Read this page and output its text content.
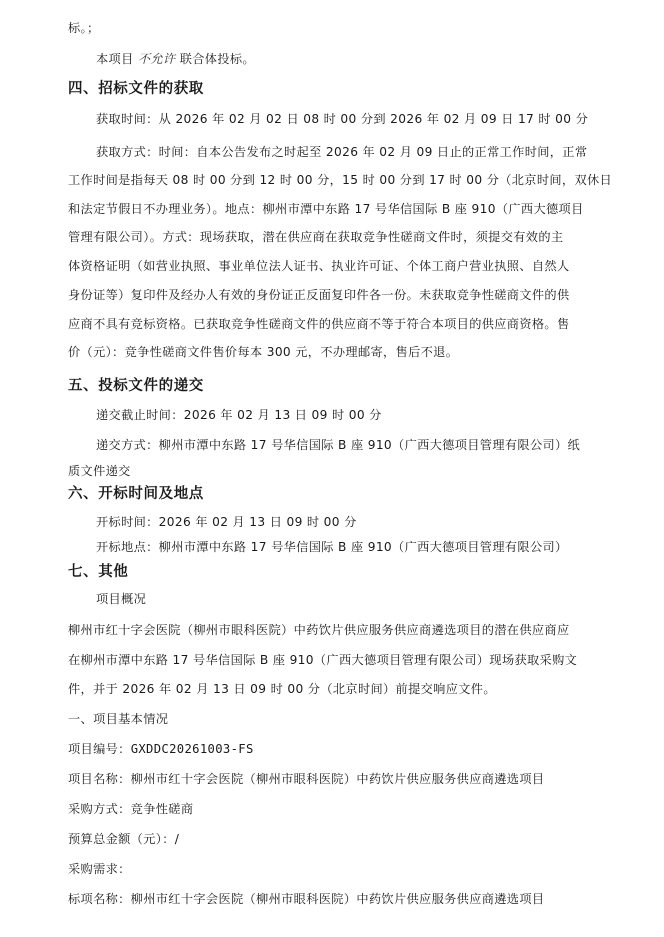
标。；
本项目 不允许 联合体投标。
四、招标文件的获取
获取时间：从 2026 年 02 月 02 日 08 时 00 分到 2026 年 02 月 09 日 17 时 00 分
获取方式：时间：自本公告发布之时起至 2026 年 02 月 09 日止的正常工作时间，正常
工作时间是指每天 08 时 00 分到 12 时 00 分，15 时 00 分到 17 时 00 分（北京时间，双休日
和法定节假日不办理业务）。地点：柳州市潭中东路 17 号华信国际 B 座 910（广西大德项目
管理有限公司）。方式：现场获取，潜在供应商在获取竞争性磋商文件时，须提交有效的主
体资格证明（如营业执照、事业单位法人证书、执业许可证、个体工商户营业执照、自然人
身份证等）复印件及经办人有效的身份证正反面复印件各一份。未获取竞争性磋商文件的供
应商不具有竞标资格。已获取竞争性磋商文件的供应商不等于符合本项目的供应商资格。售
价（元）：竞争性磋商文件售价每本 300 元，不办理邮寄，售后不退。
五、投标文件的递交
递交截止时间：2026 年 02 月 13 日 09 时 00 分
递交方式：柳州市潭中东路 17 号华信国际 B 座 910（广西大德项目管理有限公司）纸
质文件递交
六、开标时间及地点
开标时间：2026 年 02 月 13 日 09 时 00 分
开标地点：柳州市潭中东路 17 号华信国际 B 座 910（广西大德项目管理有限公司）
七、其他
项目概况
柳州市红十字会医院（柳州市眼科医院）中药饮片供应服务供应商遴选项目的潜在供应商应
在柳州市潭中东路 17 号华信国际 B 座 910（广西大德项目管理有限公司）现场获取采购文
件，并于 2026 年 02 月 13 日 09 时 00 分（北京时间）前提交响应文件。
一、项目基本情况
项目编号：GXDDC20261003-FS
项目名称：柳州市红十字会医院（柳州市眼科医院）中药饮片供应服务供应商遴选项目
采购方式：竞争性磋商
预算总金额（元）：/
采购需求：
标项名称：柳州市红十字会医院（柳州市眼科医院）中药饮片供应服务供应商遴选项目
